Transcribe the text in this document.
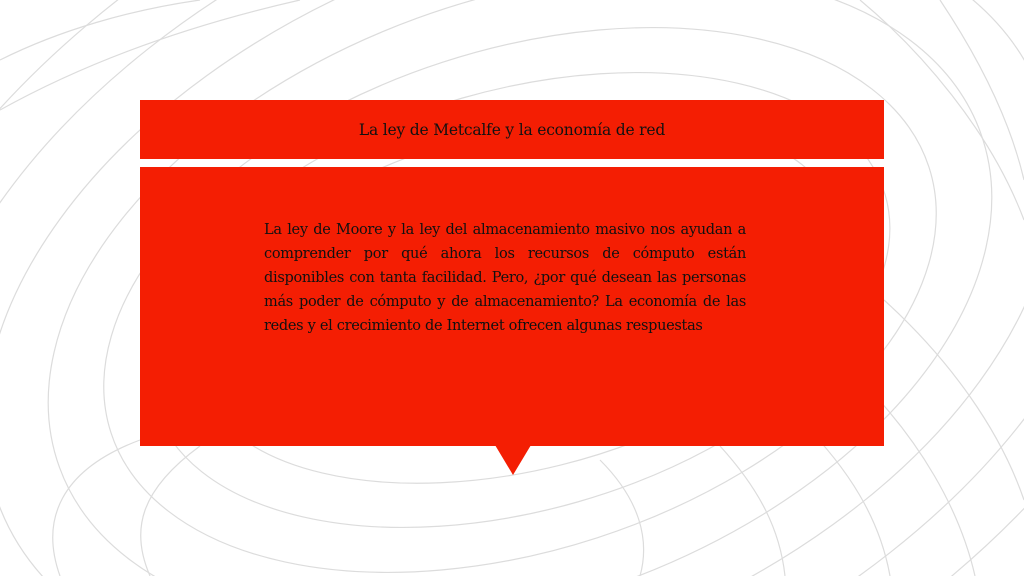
La ley de Metcalfe y la economía de red

La ley de Moore y la ley del almacenamiento masivo nos ayudan a comprender por qué ahora los recursos de cómputo están disponibles con tanta facilidad. Pero, ¿por qué desean las personas más poder de cómputo y de almacenamiento? La economía de las redes y el crecimiento de Internet ofrecen algunas respuestas
